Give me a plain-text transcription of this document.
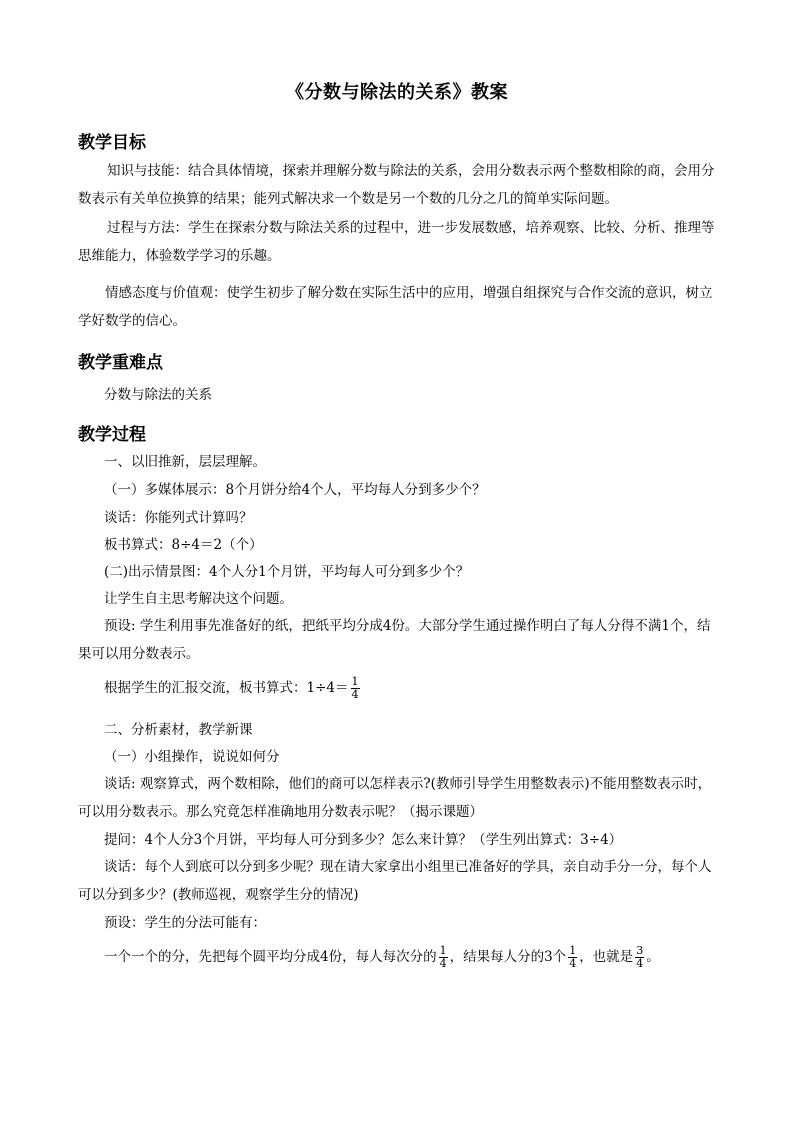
《分数与除法的关系》教案
教学目标
知识与技能：结合具体情境，探索并理解分数与除法的关系，会用分数表示两个整数相除的商，会用分数表示有关单位换算的结果；能列式解决求一个数是另一个数的几分之几的简单实际问题。
过程与方法：学生在探索分数与除法关系的过程中，进一步发展数感，培养观察、比较、分析、推理等思维能力，体验数学学习的乐趣。
情感态度与价值观：使学生初步了解分数在实际生活中的应用，增强自组探究与合作交流的意识，树立学好数学的信心。
教学重难点
分数与除法的关系
教学过程
一、以旧推新，层层理解。
（一）多媒体展示：8个月饼分给4个人，平均每人分到多少个？
谈话：你能列式计算吗？
板书算式：8÷4＝2（个）
(二)出示情景图：4个人分1个月饼，平均每人可分到多少个？
让学生自主思考解决这个问题。
预设: 学生利用事先准备好的纸，把纸平均分成4份。大部分学生通过操作明白了每人分得不满1个，结果可以用分数表示。
根据学生的汇报交流，板书算式：$1\div 4= \frac{1}{4}$
二、分析素材，教学新课
（一）小组操作，说说如何分
谈话: 观察算式，两个数相除，他们的商可以怎样表示?(教师引导学生用整数表示)不能用整数表示时，可以用分数表示。那么究竟怎样准确地用分数表示呢？（揭示课题）
提问：4个人分3个月饼，平均每人可分到多少？怎么来计算？（学生列出算式：3÷4）
谈话：每个人到底可以分到多少呢？现在请大家拿出小组里已准备好的学具，亲自动手分一分，每个人可以分到多少？(教师巡视，观察学生分的情况)
预设：学生的分法可能有：
一个一个的分，先把每个圆平均分成4份，每人每次分的 $\frac{1}{4}$ ，结果每人分的3个 $\frac{1}{4}$ ，也就是 $\frac{3}{4}$ 。
